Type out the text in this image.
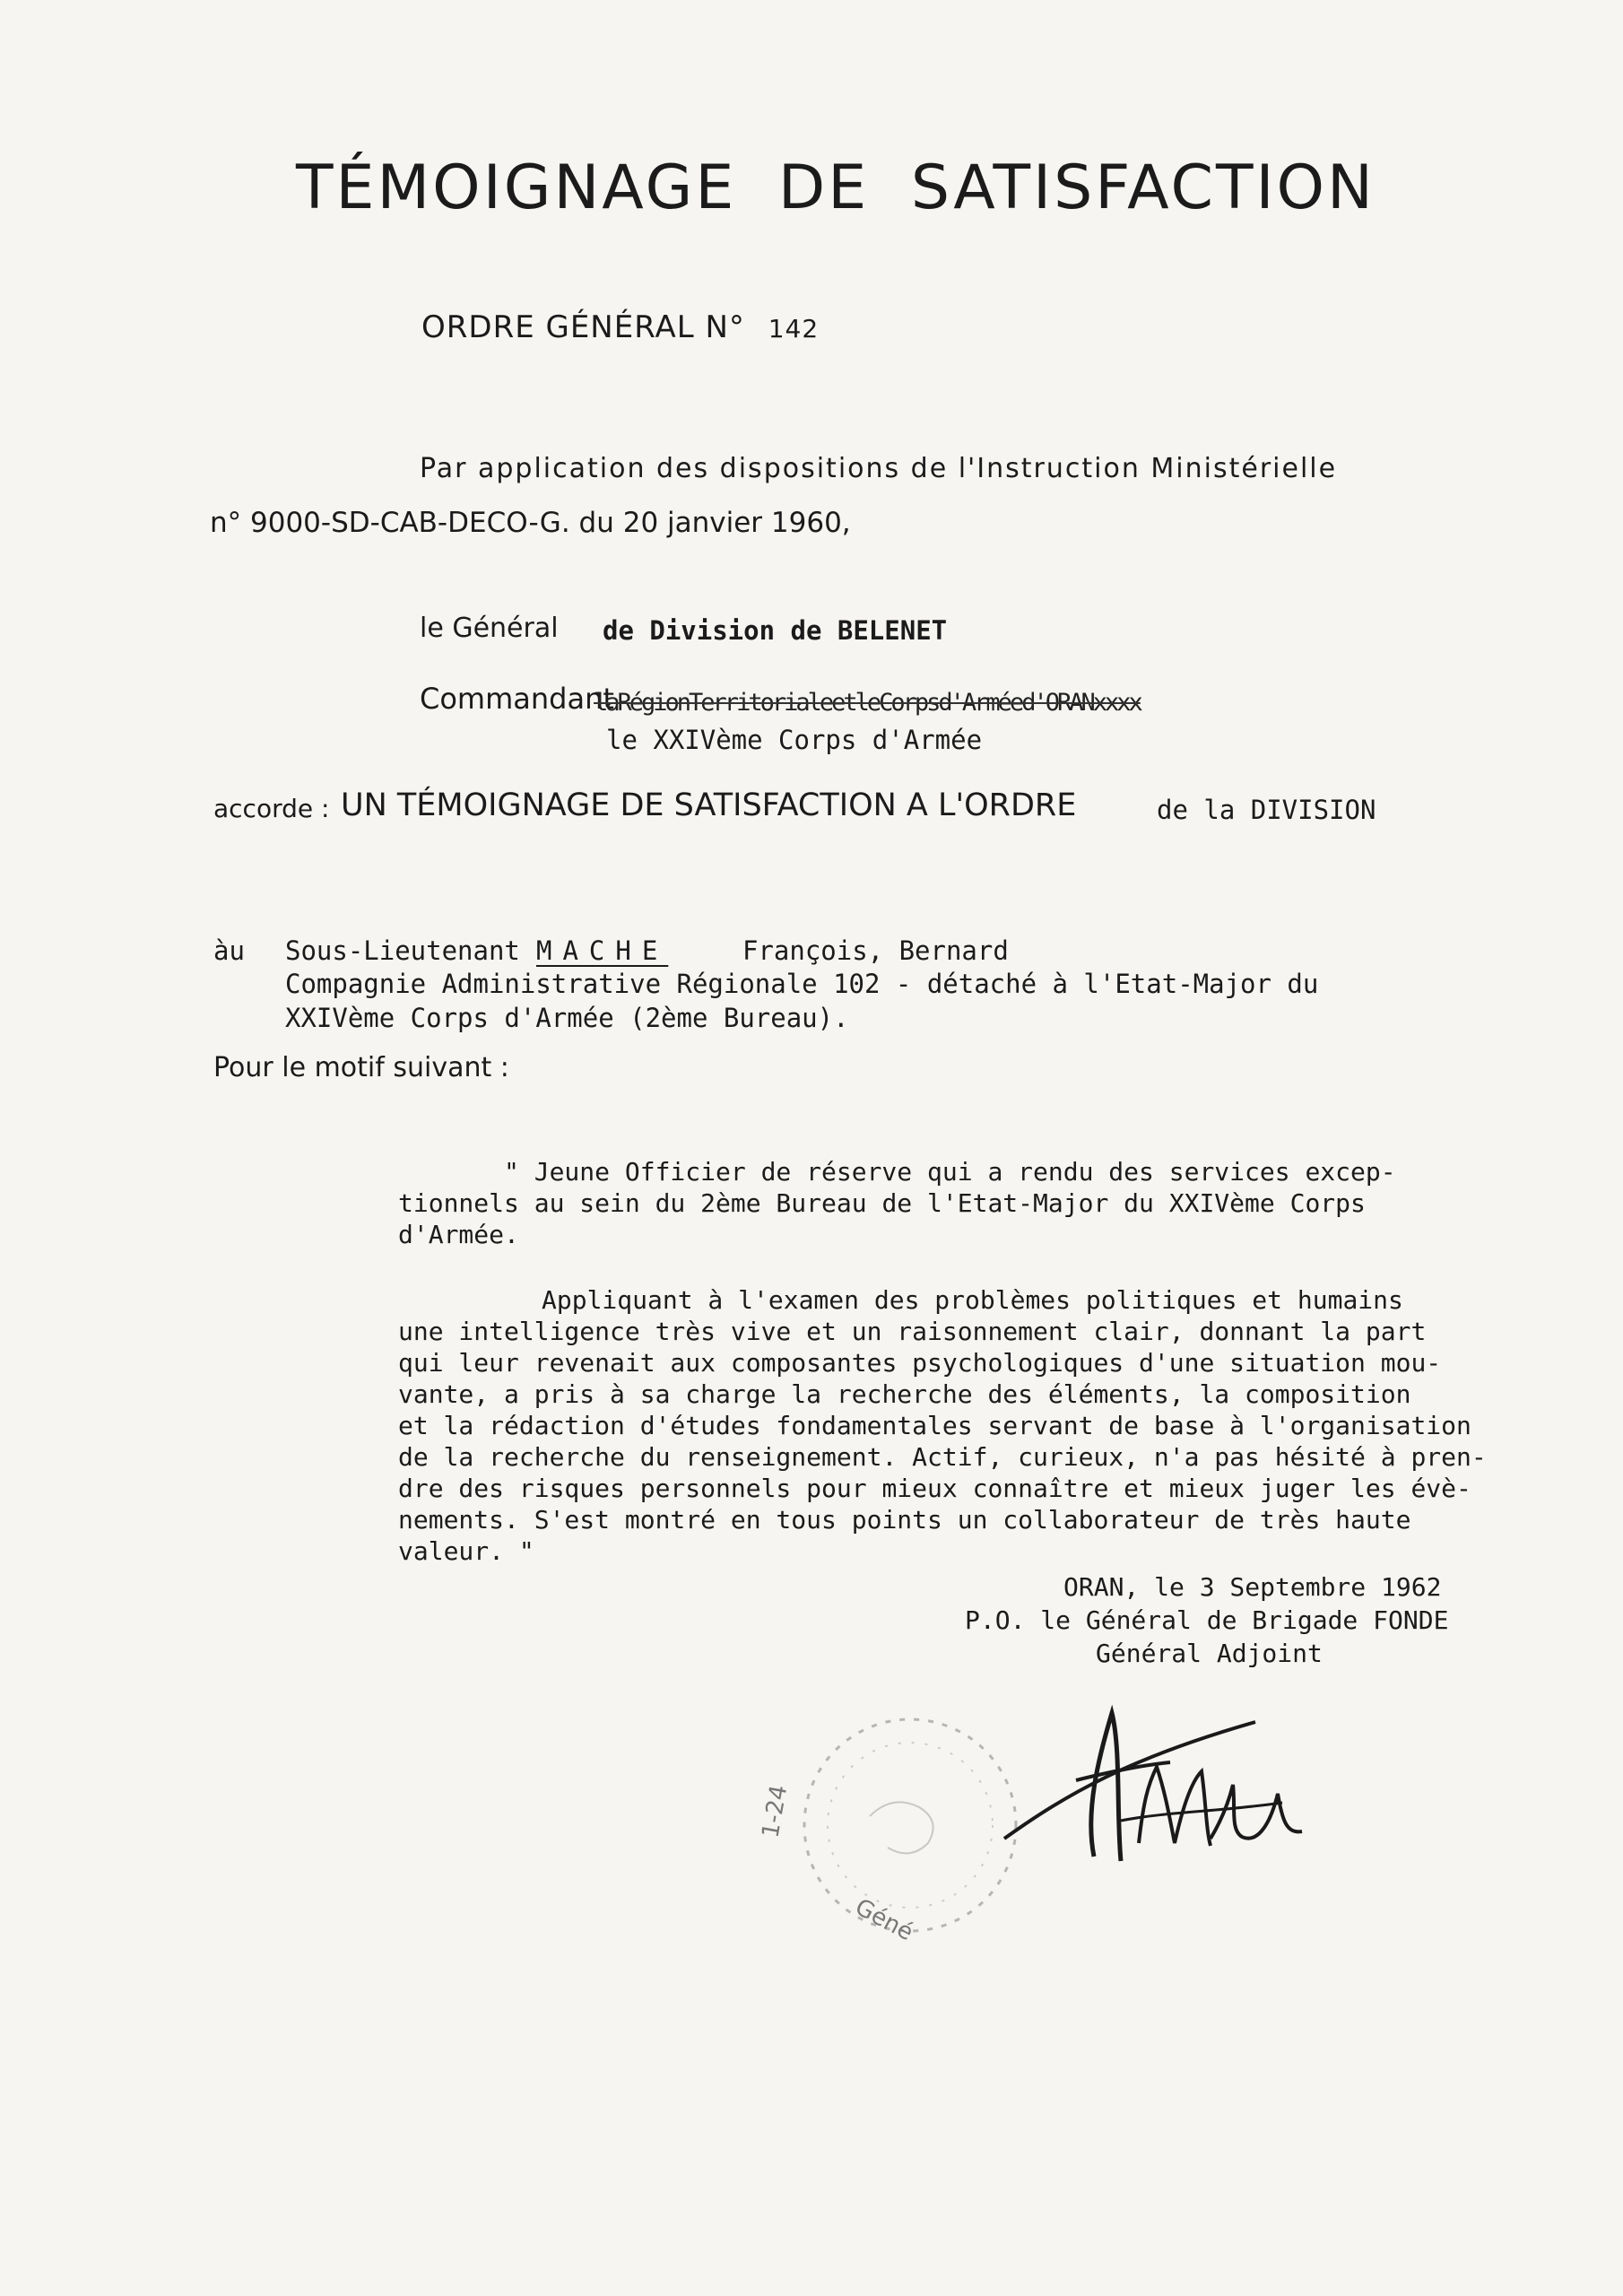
TÉMOIGNAGE DE SATISFACTION
ORDRE GÉNÉRAL N° 142
Par application des dispositions de l'Instruction Ministérielle
n° 9000-SD-CAB-DECO-G. du 20 janvier 1960,
le Général de Division de BELENET
Commandant
laRégionTerritorialeetleCorpsd'Arméed'ORANxxxx
le XXIVème Corps d'Armée
accorde : UN TÉMOIGNAGE DE SATISFACTION A L'ORDRE	de la DIVISION
àu Sous-Lieutenant MACHE	François, Bernard
Compagnie Administrative Régionale 102 - détaché à l'Etat-Major du
XXIVème Corps d'Armée (2ème Bureau).
Pour le motif suivant :
" Jeune Officier de réserve qui a rendu des services excep-
tionnels au sein du 2ème Bureau de l'Etat-Major du XXIVème Corps
d'Armée.
Appliquant à l'examen des problèmes politiques et humains
une intelligence très vive et un raisonnement clair, donnant la part
qui leur revenait aux composantes psychologiques d'une situation mou-
vante, a pris à sa charge la recherche des éléments, la composition
et la rédaction d'études fondamentales servant de base à l'organisation
de la recherche du renseignement. Actif, curieux, n'a pas hésité à pren-
dre des risques personnels pour mieux connaître et mieux juger les évè-
nements. S'est montré en tous points un collaborateur de très haute
valeur. "
ORAN, le 3 Septembre 1962
P.O. le Général de Brigade FONDE
Général Adjoint
1-24
Géné
